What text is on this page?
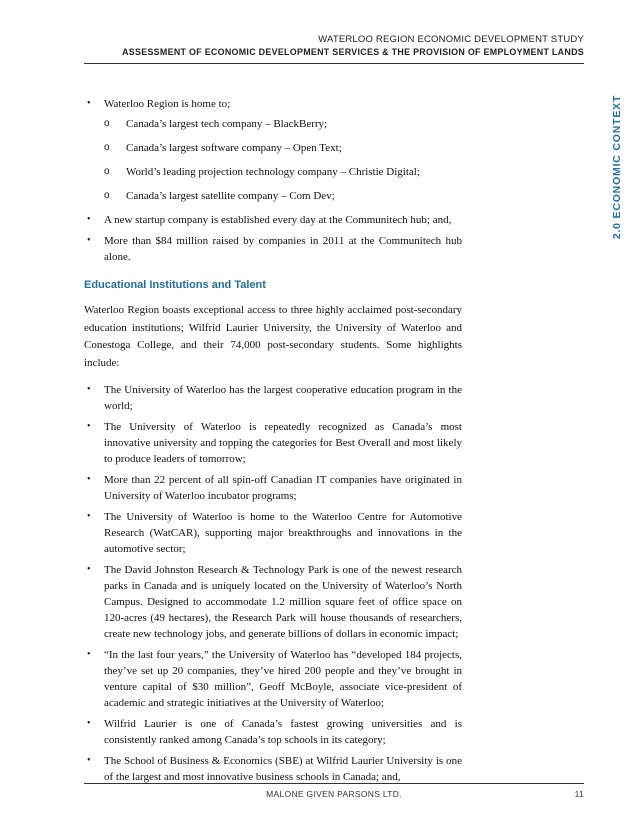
WATERLOO REGION ECONOMIC DEVELOPMENT STUDY
ASSESSMENT OF ECONOMIC DEVELOPMENT SERVICES & THE PROVISION OF EMPLOYMENT LANDS
2.0 ECONOMIC CONTEXT
• Waterloo Region is home to;
o Canada’s largest tech company – BlackBerry;
o Canada’s largest software company – Open Text;
o World’s leading projection technology company – Christie Digital;
o Canada’s largest satellite company – Com Dev;
• A new startup company is established every day at the Communitech hub; and,
• More than $84 million raised by companies in 2011 at the Communitech hub alone.
Educational Institutions and Talent

Waterloo Region boasts exceptional access to three highly acclaimed post-secondary education institutions; Wilfrid Laurier University, the University of Waterloo and Conestoga College, and their 74,000 post-secondary students. Some highlights include:

• The University of Waterloo has the largest cooperative education program in the world;
• The University of Waterloo is repeatedly recognized as Canada’s most innovative university and topping the categories for Best Overall and most likely to produce leaders of tomorrow;
• More than 22 percent of all spin-off Canadian IT companies have originated in University of Waterloo incubator programs;
• The University of Waterloo is home to the Waterloo Centre for Automotive Research (WatCAR), supporting major breakthroughs and innovations in the automotive sector;
• The David Johnston Research & Technology Park is one of the newest research parks in Canada and is uniquely located on the University of Waterloo’s North Campus. Designed to accommodate 1.2 million square feet of office space on 120-acres (49 hectares), the Research Park will house thousands of researchers, create new technology jobs, and generate billions of dollars in economic impact;
• “In the last four years,” the University of Waterloo has “developed 184 projects, they’ve set up 20 companies, they’ve hired 200 people and they’ve brought in venture capital of $30 million”, Geoff McBoyle, associate vice-president of academic and strategic initiatives at the University of Waterloo;
• Wilfrid Laurier is one of Canada’s fastest growing universities and is consistently ranked among Canada’s top schools in its category;
• The School of Business & Economics (SBE) at Wilfrid Laurier University is one of the largest and most innovative business schools in Canada; and,
MALONE GIVEN PARSONS LTD.	11
